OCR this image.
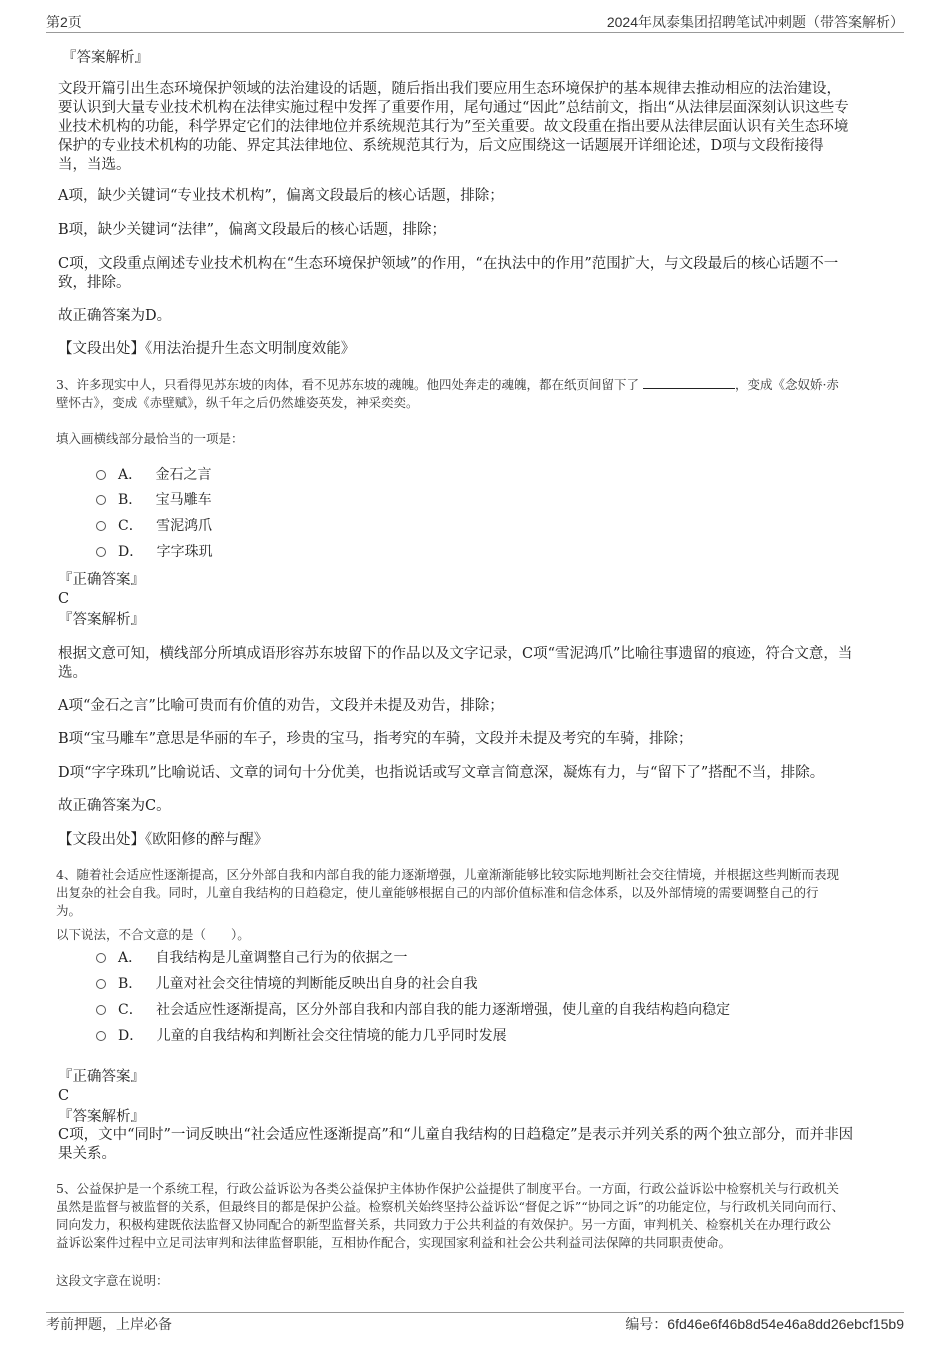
第2页	2024年凤泰集团招聘笔试冲刺题（带答案解析）
『答案解析』
文段开篇引出生态环境保护领域的法治建设的话题，随后指出我们要应用生态环境保护的基本规律去推动相应的法治建设，
要认识到大量专业技术机构在法律实施过程中发挥了重要作用，尾句通过“因此”总结前文，指出“从法律层面深刻认识这些专
业技术机构的功能，科学界定它们的法律地位并系统规范其行为”至关重要。故文段重在指出要从法律层面认识有关生态环境
保护的专业技术机构的功能、界定其法律地位、系统规范其行为，后文应围绕这一话题展开详细论述，D项与文段衔接得
当，当选。
A项，缺少关键词“专业技术机构”，偏离文段最后的核心话题，排除；
B项，缺少关键词“法律”，偏离文段最后的核心话题，排除；
C项，文段重点阐述专业技术机构在“生态环境保护领域”的作用，“在执法中的作用”范围扩大，与文段最后的核心话题不一
致，排除。
故正确答案为D。
【文段出处】《用法治提升生态文明制度效能》
3、许多现实中人，只看得见苏东坡的肉体，看不见苏东坡的魂魄。他四处奔走的魂魄，都在纸页间留下了	，变成《念奴娇·赤
壁怀古》，变成《赤壁赋》，纵千年之后仍然雄姿英发，神采奕奕。
填入画横线部分最恰当的一项是：
A． 金石之言
B． 宝马雕车
C． 雪泥鸿爪
D． 字字珠玑
『正确答案』
C
『答案解析』
根据文意可知，横线部分所填成语形容苏东坡留下的作品以及文字记录，C项“雪泥鸿爪”比喻往事遗留的痕迹，符合文意，当
选。
A项“金石之言”比喻可贵而有价值的劝告，文段并未提及劝告，排除；
B项“宝马雕车”意思是华丽的车子，珍贵的宝马，指考究的车骑，文段并未提及考究的车骑，排除；
D项“字字珠玑”比喻说话、文章的词句十分优美，也指说话或写文章言简意深，凝炼有力，与“留下了”搭配不当，排除。
故正确答案为C。
【文段出处】《欧阳修的醉与醒》
4、随着社会适应性逐渐提高，区分外部自我和内部自我的能力逐渐增强，儿童渐渐能够比较实际地判断社会交往情境，并根据这些判断而表现
出复杂的社会自我。同时，儿童自我结构的日趋稳定，使儿童能够根据自己的内部价值标准和信念体系，以及外部情境的需要调整自己的行
为。
以下说法，不合文意的是（　　）。
A． 自我结构是儿童调整自己行为的依据之一
B． 儿童对社会交往情境的判断能反映出自身的社会自我
C． 社会适应性逐渐提高，区分外部自我和内部自我的能力逐渐增强，使儿童的自我结构趋向稳定
D． 儿童的自我结构和判断社会交往情境的能力几乎同时发展
『正确答案』
C
『答案解析』
C项，文中“同时”一词反映出“社会适应性逐渐提高”和“儿童自我结构的日趋稳定”是表示并列关系的两个独立部分，而并非因
果关系。
5、公益保护是一个系统工程，行政公益诉讼为各类公益保护主体协作保护公益提供了制度平台。一方面，行政公益诉讼中检察机关与行政机关
虽然是监督与被监督的关系，但最终目的都是保护公益。检察机关始终坚持公益诉讼“督促之诉”“协同之诉”的功能定位，与行政机关同向而行、
同向发力，积极构建既依法监督又协同配合的新型监督关系，共同致力于公共利益的有效保护。另一方面，审判机关、检察机关在办理行政公
益诉讼案件过程中立足司法审判和法律监督职能，互相协作配合，实现国家利益和社会公共利益司法保障的共同职责使命。
这段文字意在说明：
考前押题，上岸必备	编号：6fd46e6f46b8d54e46a8dd26ebcf15b9
